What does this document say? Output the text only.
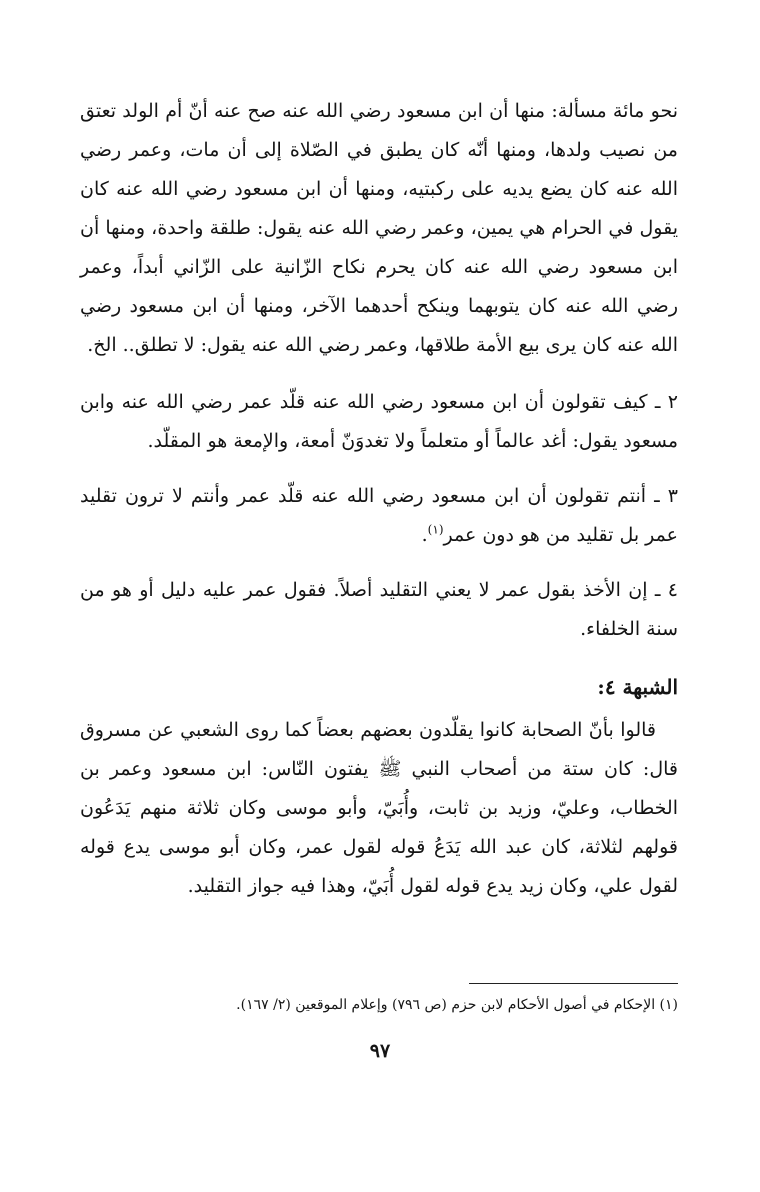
نحو مائة مسألة: منها أن ابن مسعود رضي الله عنه صح عنه أنّ أم الولد تعتق من نصيب ولدها، ومنها أنّه كان يطبق في الصّلاة إلى أن مات، وعمر رضي الله عنه كان يضع يديه على ركبتيه، ومنها أن ابن مسعود رضي الله عنه كان يقول في الحرام هي يمين، وعمر رضي الله عنه يقول: طلقة واحدة، ومنها أن ابن مسعود رضي الله عنه كان يحرم نكاح الزّانية على الزّاني أبداً، وعمر رضي الله عنه كان يتوبهما وينكح أحدهما الآخر، ومنها أن ابن مسعود رضي الله عنه كان يرى بيع الأمة طلاقها، وعمر رضي الله عنه يقول: لا تطلق.. الخ.

٢ ـ كيف تقولون أن ابن مسعود رضي الله عنه قلّد عمر رضي الله عنه وابن مسعود يقول: أغد عالماً أو متعلماً ولا تغدوَنّ أمعة، والإمعة هو المقلّد.

٣ ـ أنتم تقولون أن ابن مسعود رضي الله عنه قلّد عمر وأنتم لا ترون تقليد عمر بل تقليد من هو دون عمر$^{(١)}$.

٤ ـ إن الأخذ بقول عمر لا يعني التقليد أصلاً. فقول عمر عليه دليل أو هو من سنة الخلفاء.

الشبهة ٤:

قالوا بأنّ الصحابة كانوا يقلّدون بعضهم بعضاً كما روى الشعبي عن مسروق قال: كان ستة من أصحاب النبي ﷺ يفتون النّاس: ابن مسعود وعمر بن الخطاب، وعليّ، وزيد بن ثابت، وأُبَيّ، وأبو موسى وكان ثلاثة منهم يَدَعُون قولهم لثلاثة، كان عبد الله يَدَعُ قوله لقول عمر، وكان أبو موسى يدع قوله لقول علي، وكان زيد يدع قوله لقول أُبَيّ، وهذا فيه جواز التقليد.

(١) الإحكام في أصول الأحكام لابن حزم (ص ٧٩٦) وإعلام الموقعين (٢/ ١٦٧).
٩٧
